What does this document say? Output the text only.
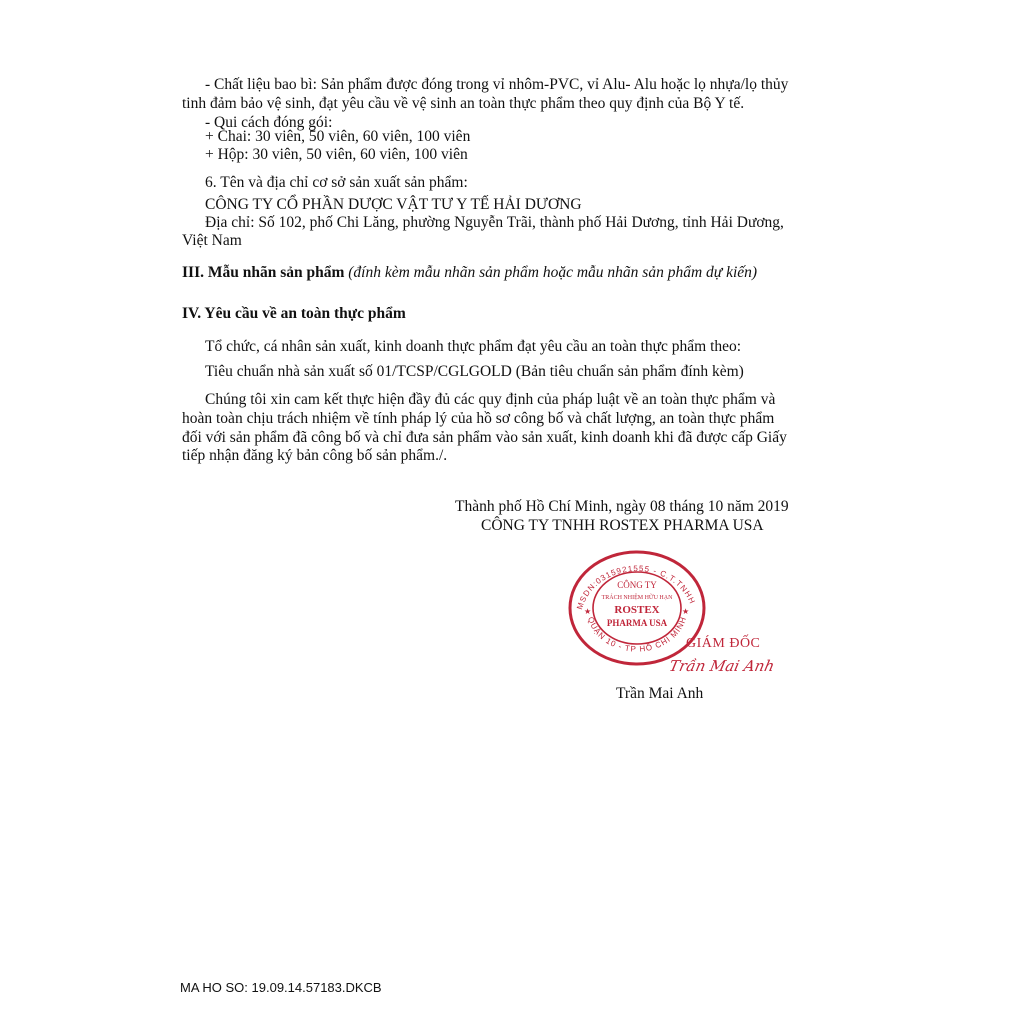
- Chất liệu bao bì: Sản phẩm được đóng trong vỉ nhôm-PVC, vỉ Alu- Alu hoặc lọ nhựa/lọ thủy
tinh đảm bảo vệ sinh, đạt yêu cầu về vệ sinh an toàn thực phẩm theo quy định của Bộ Y tế.
- Qui cách đóng gói:
+ Chai: 30 viên, 50 viên, 60 viên, 100 viên
+ Hộp: 30 viên, 50 viên, 60 viên, 100 viên
6. Tên và địa chỉ cơ sở sản xuất sản phẩm:
CÔNG TY CỔ PHẦN DƯỢC VẬT TƯ Y TẾ HẢI DƯƠNG
Địa chỉ: Số 102, phố Chi Lăng, phường Nguyễn Trãi, thành phố Hải Dương, tỉnh Hải Dương,
Việt Nam
III. Mẫu nhãn sản phẩm (đính kèm mẫu nhãn sản phẩm hoặc mẫu nhãn sản phẩm dự kiến)
IV. Yêu cầu về an toàn thực phẩm
Tổ chức, cá nhân sản xuất, kinh doanh thực phẩm đạt yêu cầu an toàn thực phẩm theo:
Tiêu chuẩn nhà sản xuất số 01/TCSP/CGLGOLD (Bản tiêu chuẩn sản phẩm đính kèm)
Chúng tôi xin cam kết thực hiện đầy đủ các quy định của pháp luật về an toàn thực phẩm và
hoàn toàn chịu trách nhiệm về tính pháp lý của hồ sơ công bố và chất lượng, an toàn thực phẩm
đối với sản phẩm đã công bố và chỉ đưa sản phẩm vào sản xuất, kinh doanh khi đã được cấp Giấy
tiếp nhận đăng ký bản công bố sản phẩm./.
Thành phố Hồ Chí Minh, ngày 08 tháng 10 năm 2019
CÔNG TY TNHH ROSTEX PHARMA USA
MSDN:0315921555 - C.T.TNHH
QUẬN 10 - TP HỒ CHÍ MINH
CÔNG TY
TRÁCH NHIỆM HỮU HẠN
ROSTEX
PHARMA USA
★	★
GIÁM ĐỐC
Trần Mai Anh
Trần Mai Anh
MA HO SO: 19.09.14.57183.DKCB
